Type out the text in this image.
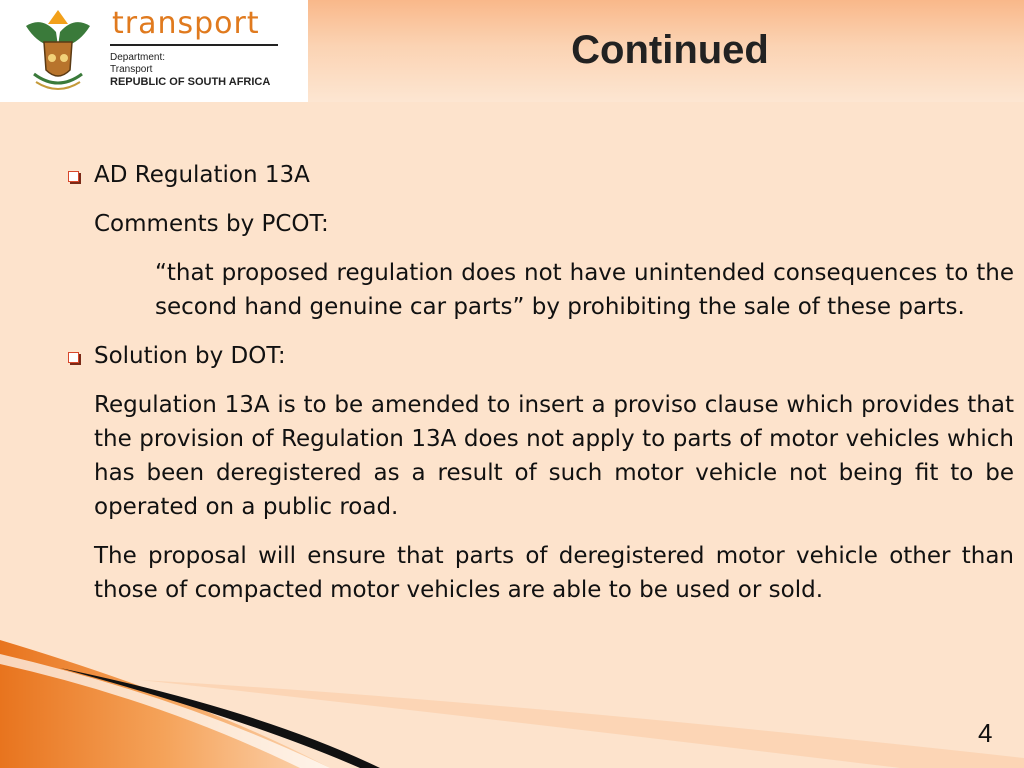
transport
Department:
Transport
REPUBLIC OF SOUTH AFRICA
Continued
AD Regulation 13A
Comments by PCOT:
“that proposed regulation does not have unintended consequences to the second hand genuine car parts” by prohibiting the sale of these parts.
Solution by DOT:
Regulation 13A is to be amended to insert a proviso clause which provides that the provision of Regulation 13A does not apply to parts of motor vehicles which has been deregistered as a result of such motor vehicle not being fit to be operated on a public road.
The proposal will ensure that parts of deregistered motor vehicle other than those of compacted motor vehicles are able to be used or sold.
4
